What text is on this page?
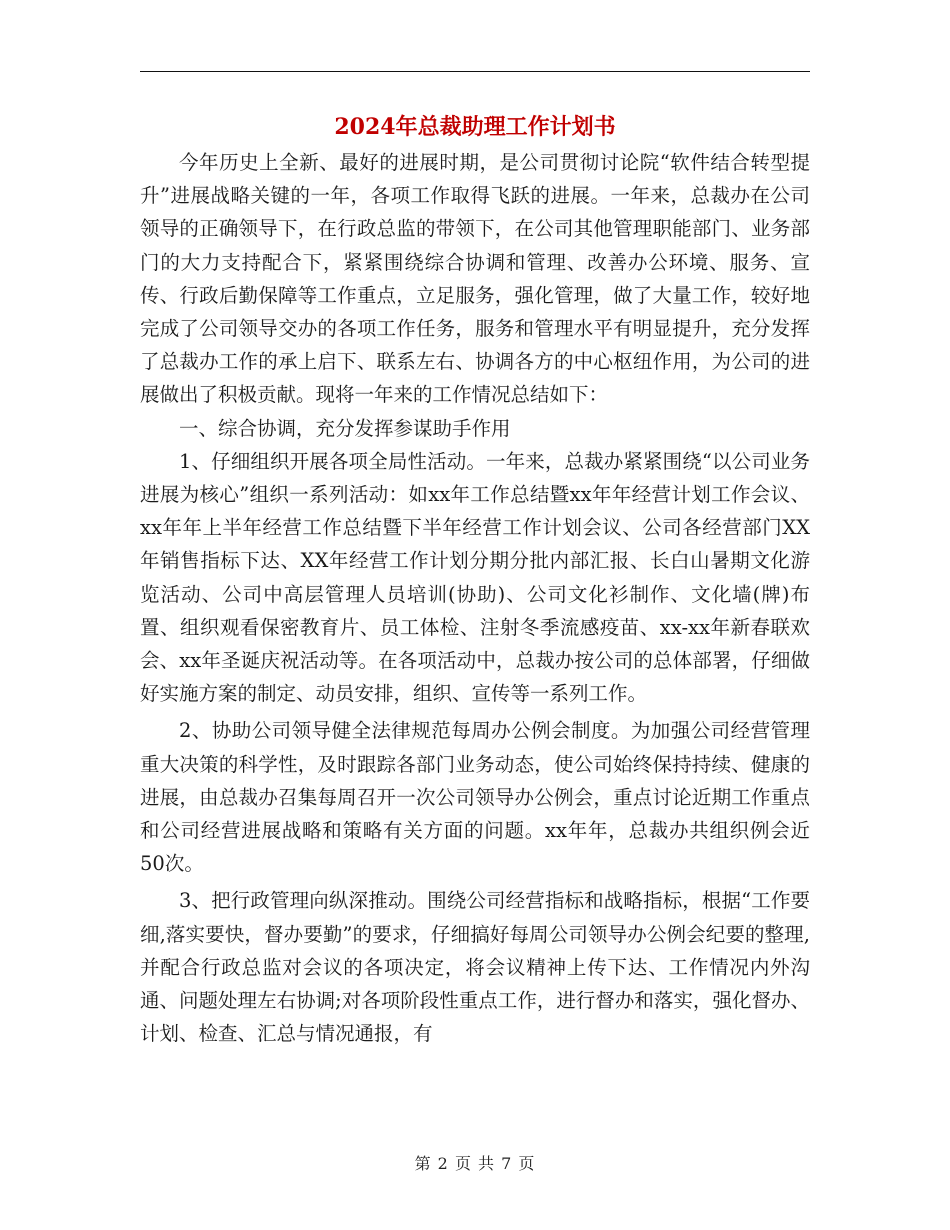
2024年总裁助理工作计划书

今年历史上全新、最好的进展时期，是公司贯彻讨论院“软件结合转型提升”进展战略关键的一年，各项工作取得飞跃的进展。一年来，总裁办在公司领导的正确领导下，在行政总监的带领下，在公司其他管理职能部门、业务部门的大力支持配合下，紧紧围绕综合协调和管理、改善办公环境、服务、宣传、行政后勤保障等工作重点，立足服务，强化管理，做了大量工作，较好地完成了公司领导交办的各项工作任务，服务和管理水平有明显提升，充分发挥了总裁办工作的承上启下、联系左右、协调各方的中心枢纽作用，为公司的进展做出了积极贡献。现将一年来的工作情况总结如下：

一、综合协调，充分发挥参谋助手作用

1、仔细组织开展各项全局性活动。一年来，总裁办紧紧围绕“以公司业务进展为核心”组织一系列活动：如xx年工作总结暨xx年年经营计划工作会议、xx年年上半年经营工作总结暨下半年经营工作计划会议、公司各经营部门XX年销售指标下达、XX年经营工作计划分期分批内部汇报、长白山暑期文化游览活动、公司中高层管理人员培训(协助)、公司文化衫制作、文化墙(牌)布置、组织观看保密教育片、员工体检、注射冬季流感疫苗、xx-xx年新春联欢会、xx年圣诞庆祝活动等。在各项活动中，总裁办按公司的总体部署，仔细做好实施方案的制定、动员安排，组织、宣传等一系列工作。

2、协助公司领导健全法律规范每周办公例会制度。为加强公司经营管理重大决策的科学性，及时跟踪各部门业务动态，使公司始终保持持续、健康的进展，由总裁办召集每周召开一次公司领导办公例会，重点讨论近期工作重点和公司经营进展战略和策略有关方面的问题。xx年年，总裁办共组织例会近50次。

3、把行政管理向纵深推动。围绕公司经营指标和战略指标，根据“工作要细,落实要快，督办要勤”的要求，仔细搞好每周公司领导办公例会纪要的整理,并配合行政总监对会议的各项决定，将会议精神上传下达、工作情况内外沟通、问题处理左右协调;对各项阶段性重点工作，进行督办和落实，强化督办、计划、检查、汇总与情况通报，有

第 2 页 共 7 页
